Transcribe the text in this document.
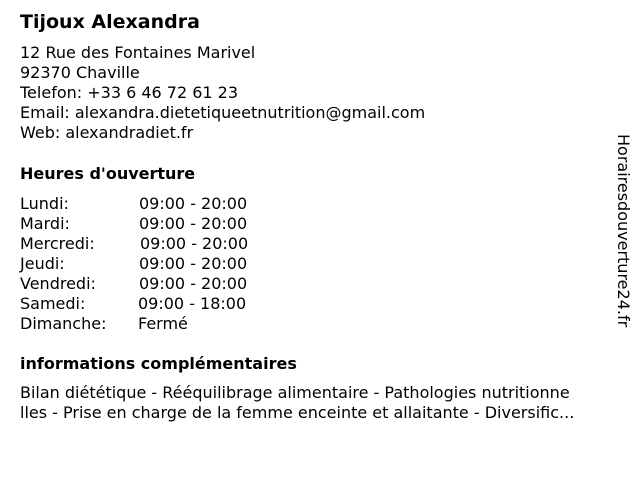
Tijoux Alexandra
12 Rue des Fontaines Marivel
92370 Chaville
Telefon: +33 6 46 72 61 23
Email: alexandra.dietetiqueetnutrition@gmail.com
Web: alexandradiet.fr
Heures d'ouverture
Lundi:	09:00 - 20:00
Mardi:	09:00 - 20:00
Mercredi:	09:00 - 20:00
Jeudi:	09:00 - 20:00
Vendredi:	09:00 - 20:00
Samedi:	09:00 - 18:00
Dimanche: Fermé
informations complémentaires
Bilan diététique - Rééquilibrage alimentaire - Pathologies nutritionne
lles - Prise en charge de la femme enceinte et allaitante - Diversific...
Horairesdouverture24.fr
